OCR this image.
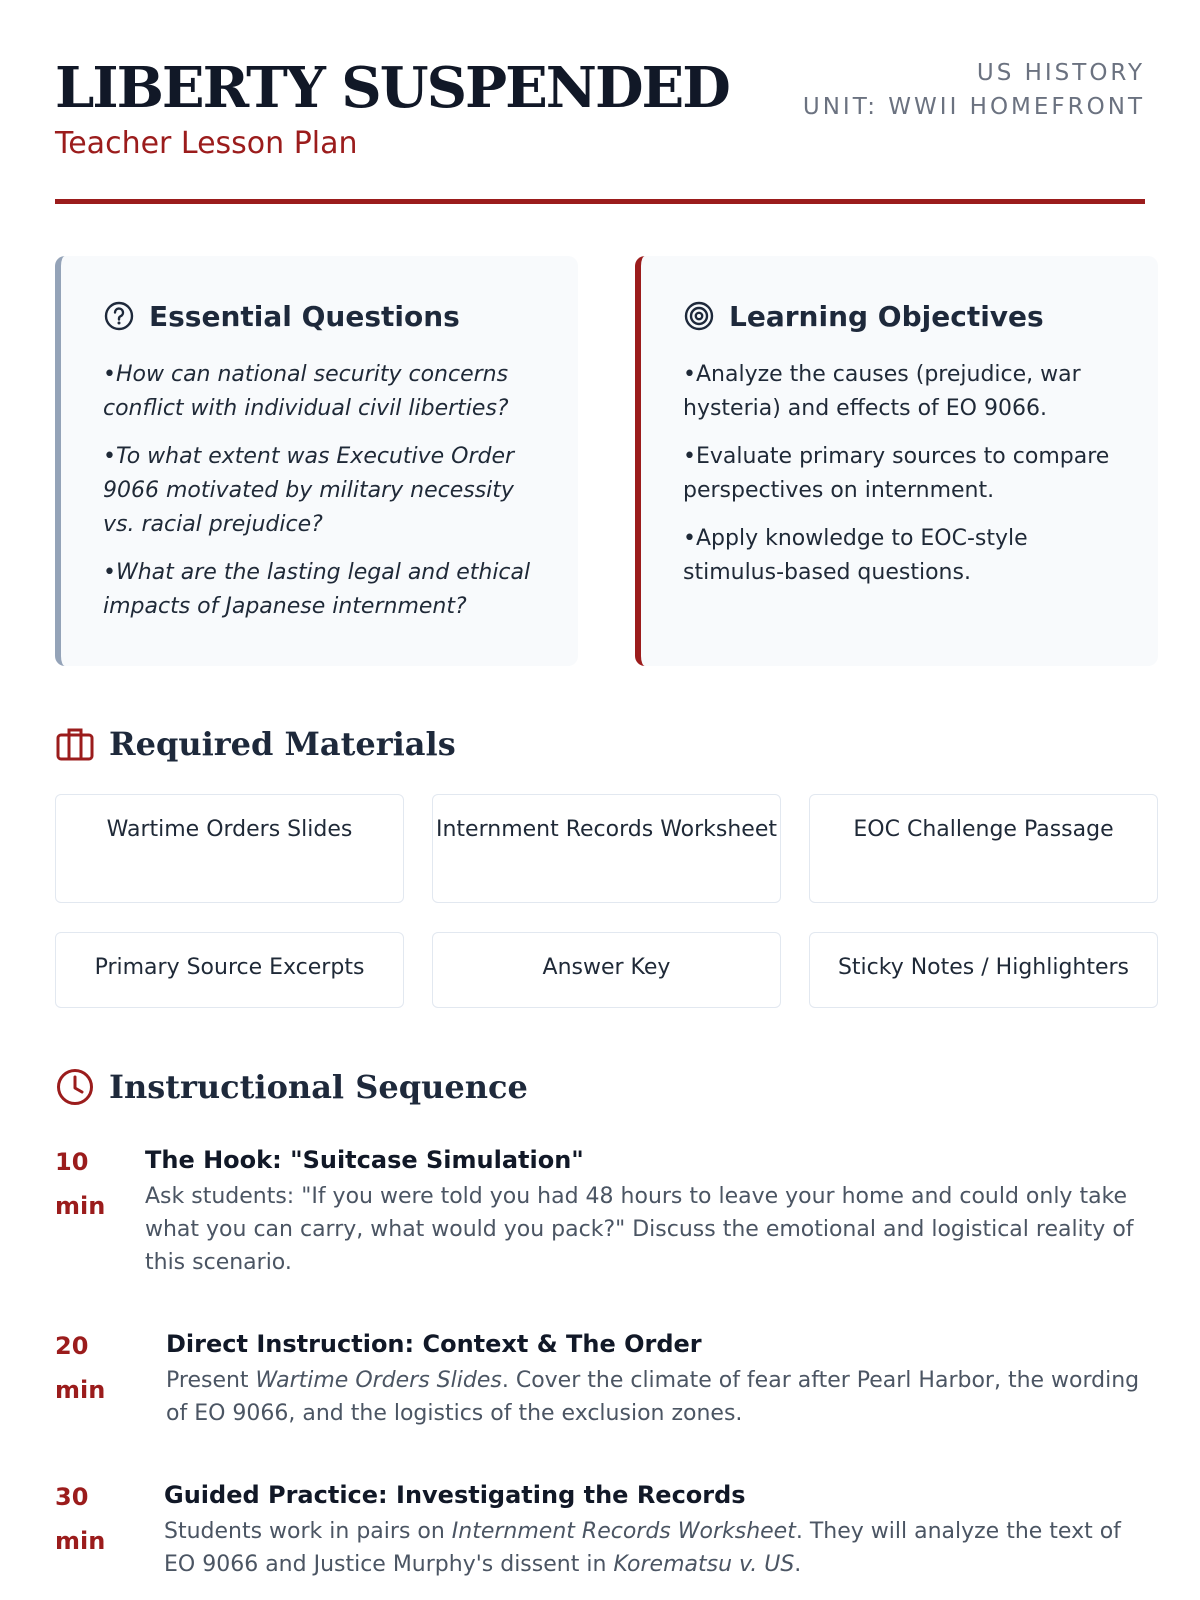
LIBERTY SUSPENDED
Teacher Lesson Plan
US HISTORY
UNIT: WWII HOMEFRONT
Essential Questions
• How can national security concerns conflict with individual civil liberties?
• To what extent was Executive Order 9066 motivated by military necessity vs. racial prejudice?
• What are the lasting legal and ethical impacts of Japanese internment?
Learning Objectives
• Analyze the causes (prejudice, war hysteria) and effects of EO 9066.
• Evaluate primary sources to compare perspectives on internment.
• Apply knowledge to EOC-style stimulus-based questions.
Required Materials
Wartime Orders Slides	Internment Records Worksheet	EOC Challenge Passage
Primary Source Excerpts	Answer Key	Sticky Notes / Highlighters
Instructional Sequence
10
min
The Hook: "Suitcase Simulation"
Ask students: "If you were told you had 48 hours to leave your home and could only take what you can carry, what would you pack?" Discuss the emotional and logistical reality of this scenario.
20
min
Direct Instruction: Context & The Order
Present Wartime Orders Slides. Cover the climate of fear after Pearl Harbor, the wording of EO 9066, and the logistics of the exclusion zones.
30
min
Guided Practice: Investigating the Records
Students work in pairs on Internment Records Worksheet. They will analyze the text of EO 9066 and Justice Murphy's dissent in Korematsu v. US.
